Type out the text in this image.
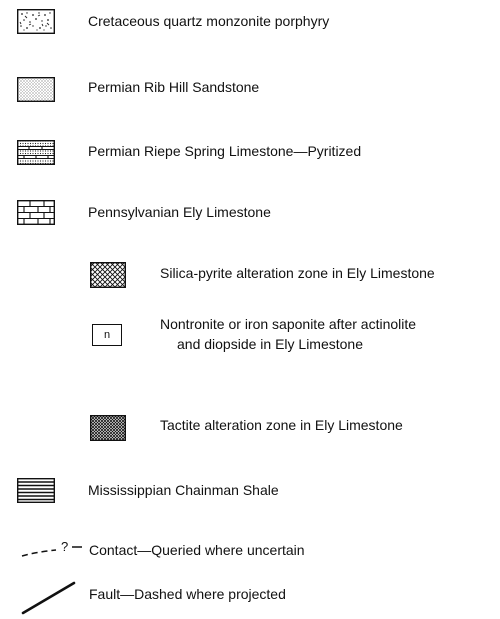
Cretaceous quartz monzonite porphyry
Permian Rib Hill Sandstone
Permian Riepe Spring Limestone—Pyritized
Pennsylvanian Ely Limestone
Silica-pyrite alteration zone in Ely Limestone
n
Nontronite or iron saponite after actinolite
and diopside in Ely Limestone
Tactite alteration zone in Ely Limestone
Mississippian Chainman Shale
? Contact—Queried where uncertain
Fault—Dashed where projected
